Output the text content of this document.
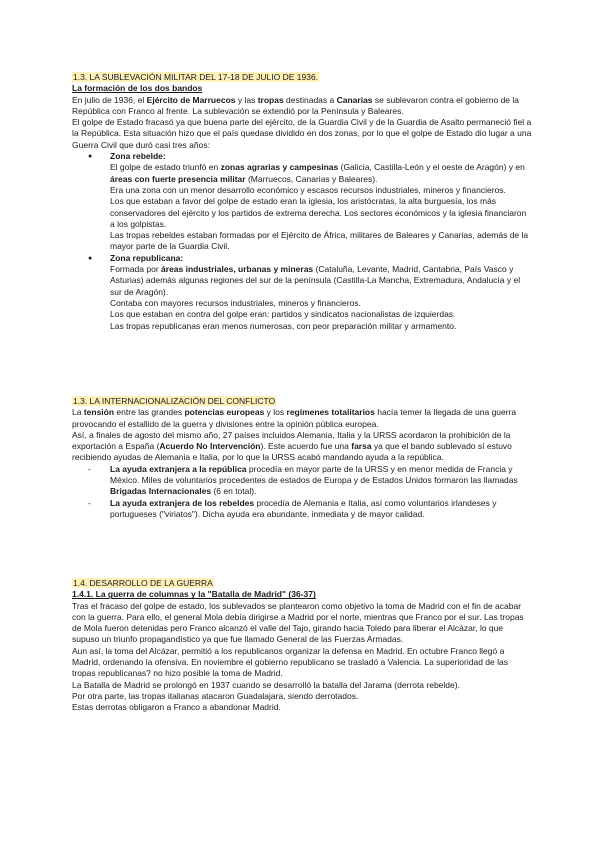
1.3. LA SUBLEVACIÓN MILITAR DEL 17-18 DE JULIO DE 1936.

La formación de los dos bandos

En julio de 1936, el Ejército de Marruecos y las tropas destinadas a Canarias se sublevaron contra el gobierno de la República con Franco al frente. La sublevación se extendió por la Península y Baleares.

El golpe de Estado fracasó ya que buena parte del ejército, de la Guardia Civil y de la Guardia de Asalto permaneció fiel a la República. Esta situación hizo que el país quedase dividido en dos zonas, por lo que el golpe de Estado dio lugar a una Guerra Civil que duró casi tres años:

● Zona rebelde:

El golpe de estado triunfó en zonas agrarias y campesinas (Galicia, Castilla-León y el oeste de Aragón) y en áreas con fuerte presencia militar (Marruecos, Canarias y Baleares).

Era una zona con un menor desarrollo económico y escasos recursos industriales, mineros y financieros.

Los que estaban a favor del golpe de estado eran la iglesia, los aristócratas, la alta burguesía, los más conservadores del ejército y los partidos de extrema derecha. Los sectores económicos y la iglesia financiaron a los golpistas.

Las tropas rebeldes estaban formadas por el Ejército de África, militares de Baleares y Canarias, además de la mayor parte de la Guardia Civil.

● Zona republicana:

Formada por áreas industriales, urbanas y mineras (Cataluña, Levante, Madrid, Cantabria, País Vasco y Asturias) además algunas regiones del sur de la península (Castilla-La Mancha, Extremadura, Andalucía y el sur de Aragón).

Contaba con mayores recursos industriales, mineros y financieros.

Los que estaban en contra del golpe eran: partidos y sindicatos nacionalistas de izquierdas.

Las tropas republicanas eran menos numerosas, con peor preparación militar y armamento.

1.3. LA INTERNACIONALIZACIÓN DEL CONFLICTO

La tensión entre las grandes potencias europeas y los regímenes totalitarios hacía temer la llegada de una guerra provocando el estallido de la guerra y divisiones entre la opinión pública europea.

Así, a finales de agosto del mismo año, 27 países incluidos Alemania, Italia y la URSS acordaron la prohibición de la exportación a España (Acuerdo No Intervención). Este acuerdo fue una farsa ya que el bando sublevado sí estuvo recibiendo ayudas de Alemania e Italia, por lo que la URSS acabó mandando ayuda a la república.

- La ayuda extranjera a la república procedía en mayor parte de la URSS y en menor medida de Francia y México. Miles de voluntarios procedentes de estados de Europa y de Estados Unidos formaron las llamadas Brigadas Internacionales (6 en total).
- La ayuda extranjera de los rebeldes procedía de Alemania e Italia, así como voluntarios irlandeses y portugueses ("viriatos"). Dicha ayuda era abundante, inmediata y de mayor calidad.

1.4. DESARROLLO DE LA GUERRA

1.4.1. La guerra de columnas y la "Batalla de Madrid" (36-37)

Tras el fracaso del golpe de estado, los sublevados se plantearon como objetivo la toma de Madrid con el fin de acabar con la guerra. Para ello, el general Mola debía dirigirse a Madrid por el norte, mientras que Franco por el sur. Las tropas de Mola fueron detenidas pero Franco alcanzó el valle del Tajo, girando hacia Toledo para liberar el Alcázar, lo que supuso un triunfo propagandístico ya que fue llamado General de las Fuerzas Armadas.

Aun así, la toma del Alcázar, permitió a los republicanos organizar la defensa en Madrid. En octubre Franco llegó a Madrid, ordenando la ofensiva. En noviembre el gobierno republicano se trasladó a Valencia. La superioridad de las tropas republicanas? no hizo posible la toma de Madrid.

La Batalla de Madrid se prolongó en 1937 cuando se desarrolló la batalla del Jarama (derrota rebelde).

Por otra parte, las tropas italianas atacaron Guadalajara, siendo derrotados.

Estas derrotas obligaron a Franco a abandonar Madrid.
